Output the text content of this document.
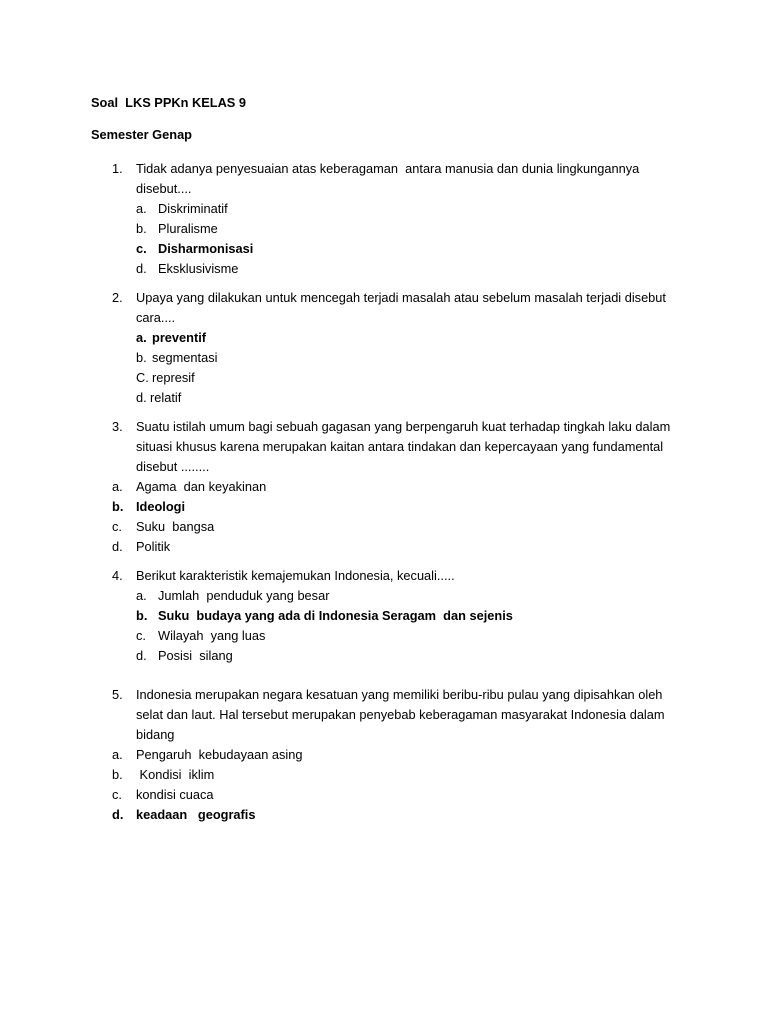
Soal  LKS PPKn KELAS 9
Semester Genap
1. Tidak adanya penyesuaian atas keberagaman  antara manusia dan dunia lingkungannya
disebut....
a. Diskriminatif
b. Pluralisme
c. Disharmonisasi
d. Eksklusivisme
2. Upaya yang dilakukan untuk mencegah terjadi masalah atau sebelum masalah terjadi disebut
cara....
a. preventif
b. segmentasi
C. represif
d. relatif
3. Suatu istilah umum bagi sebuah gagasan yang berpengaruh kuat terhadap tingkah laku dalam
situasi khusus karena merupakan kaitan antara tindakan dan kepercayaan yang fundamental
disebut ........
a. Agama  dan keyakinan
b. Ideologi
c. Suku  bangsa
d. Politik
4. Berikut karakteristik kemajemukan Indonesia, kecuali.....
a. Jumlah  penduduk yang besar
b. Suku  budaya yang ada di Indonesia Seragam  dan sejenis
c. Wilayah  yang luas
d. Posisi  silang
5. Indonesia merupakan negara kesatuan yang memiliki beribu-ribu pulau yang dipisahkan oleh
selat dan laut. Hal tersebut merupakan penyebab keberagaman masyarakat Indonesia dalam
bidang
a. Pengaruh  kebudayaan asing
b. Kondisi  iklim
c. kondisi cuaca
d. keadaan   geografis
